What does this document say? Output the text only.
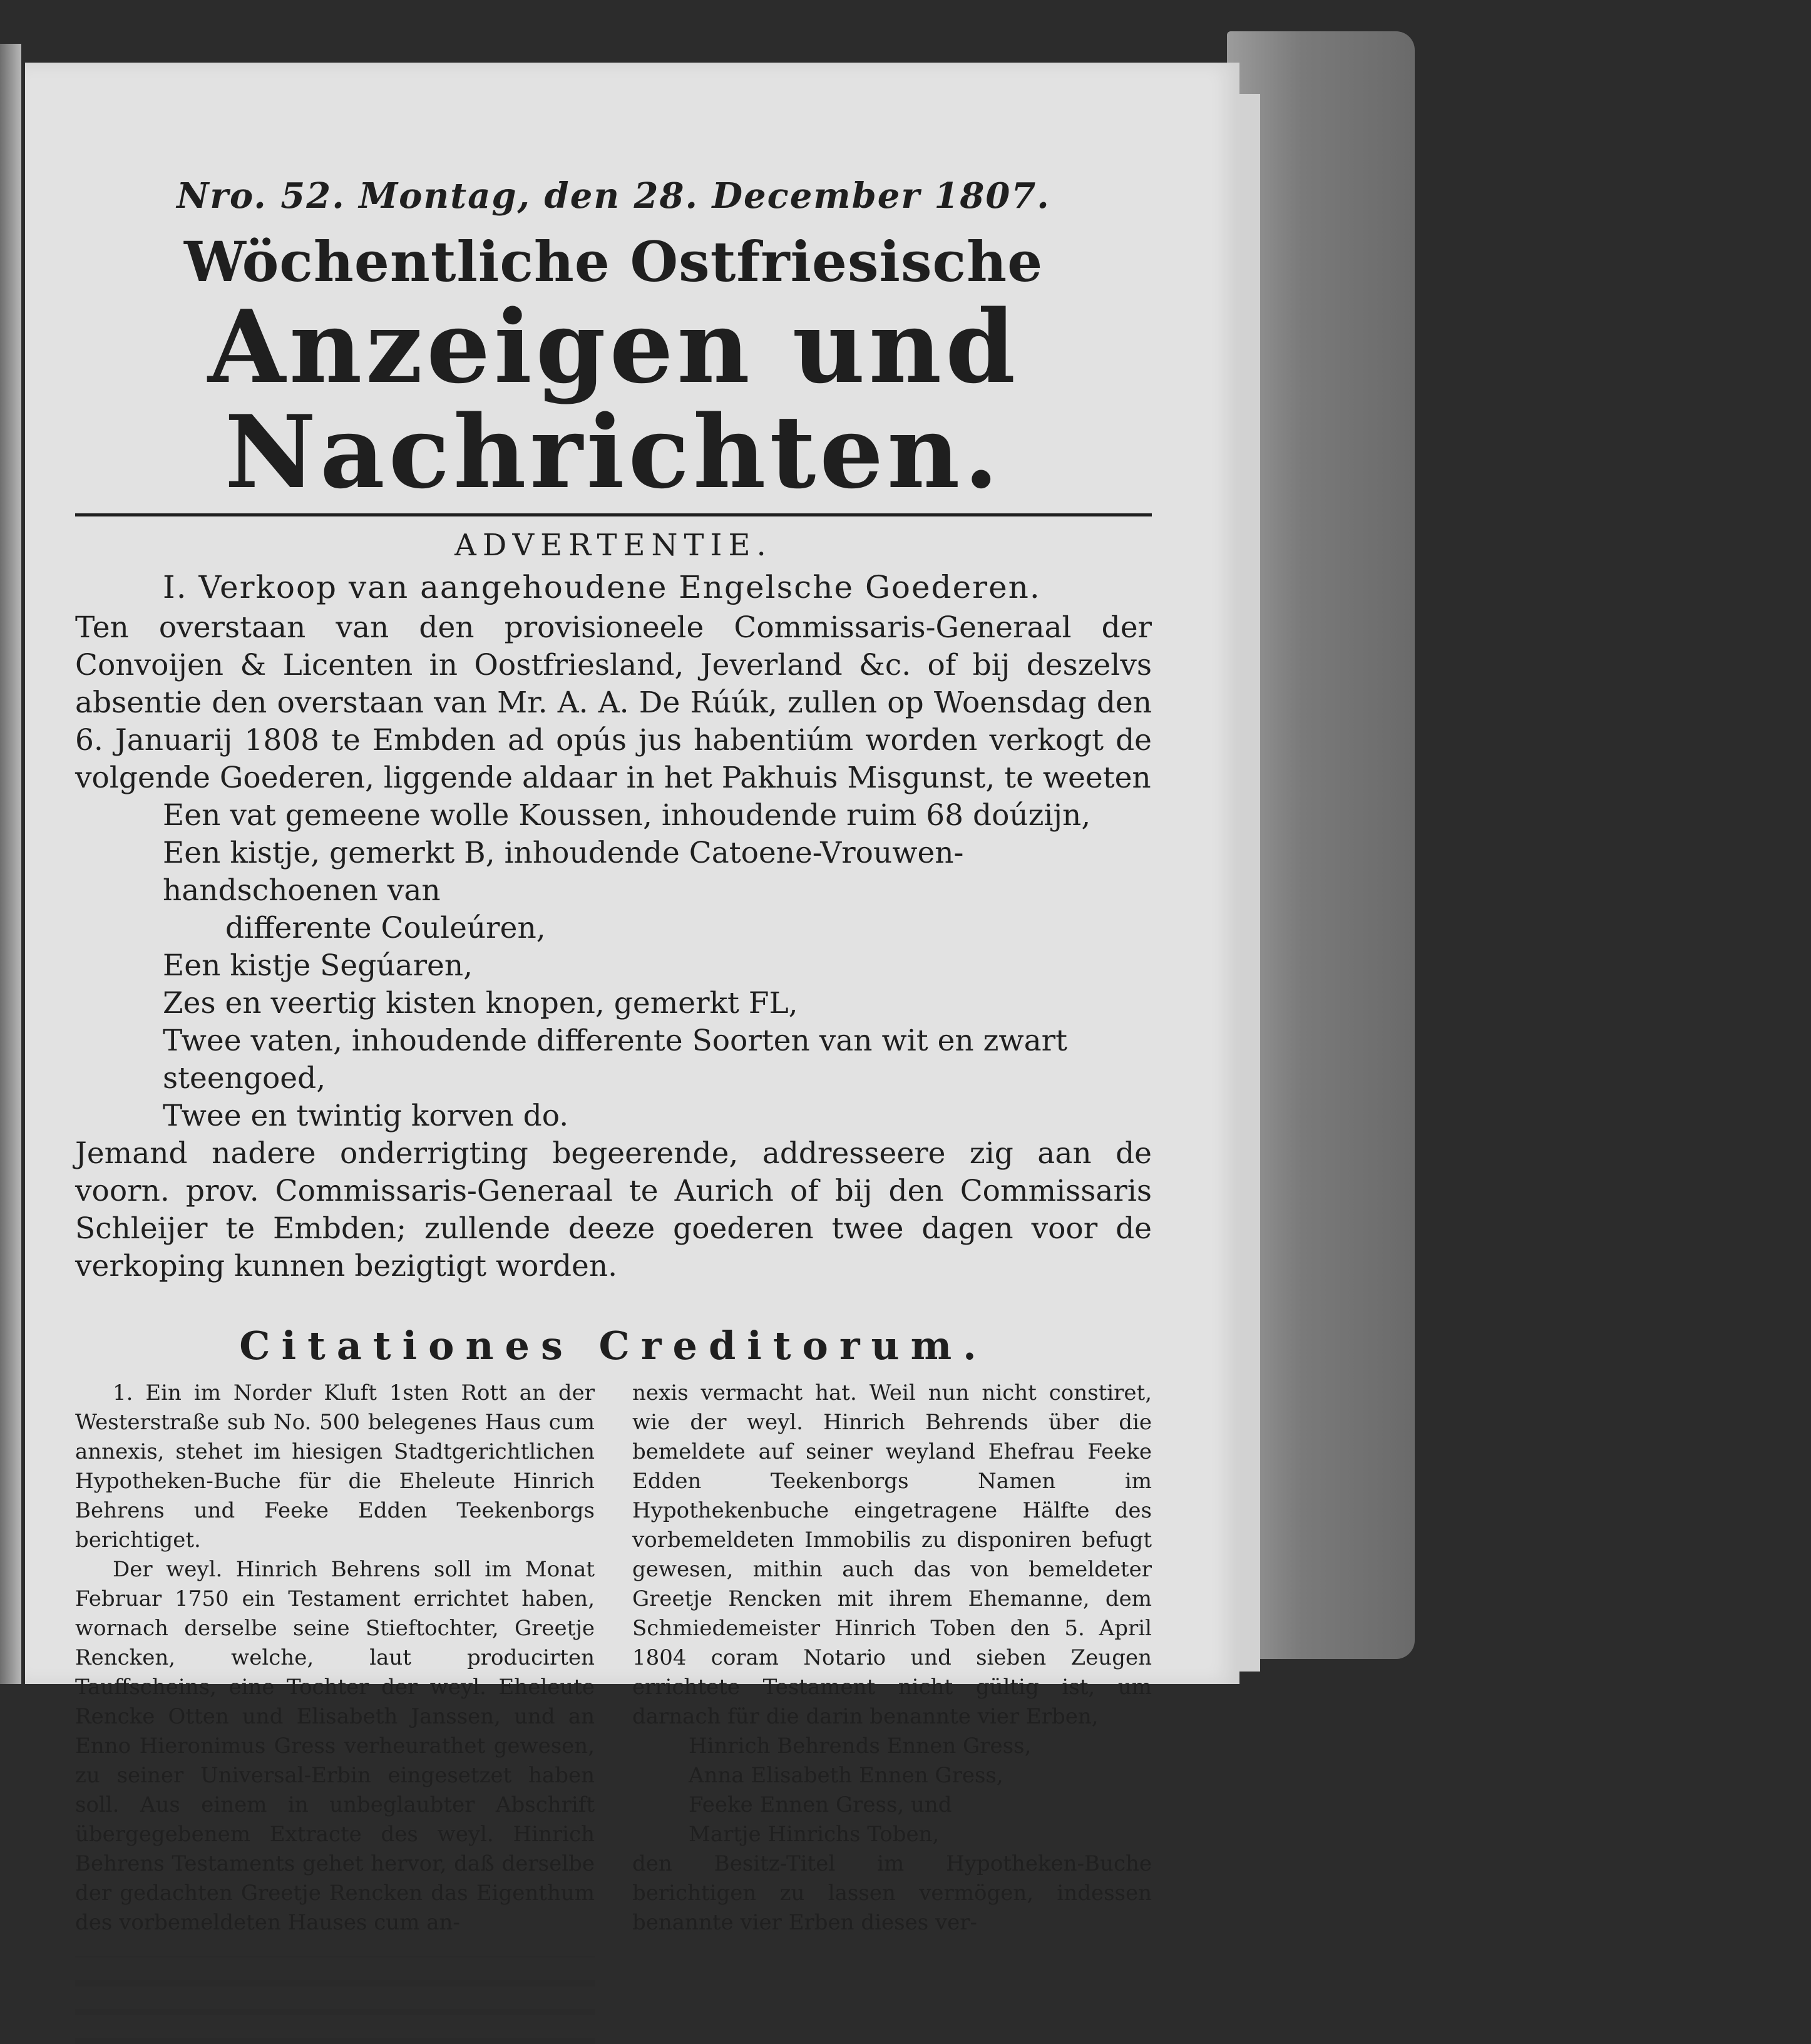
Nro. 52. Montag, den 28. December 1807.

Wöchentliche Ostfriesische

Anzeigen und Nachrichten.

ADVERTENTIE.

I. Verkoop van aangehoudene Engelsche Goederen.

Ten overstaan van den provisioneele Commissaris-Generaal der Convoijen & Licenten in Oostfriesland, Jeverland &c. of bij deszelvs absentie den overstaan van Mr. A. A. De Rúúk, zullen op Woensdag den 6. Januarij 1808 te Embden ad opús jus habentiúm worden verkogt de volgende Goederen, liggende aldaar in het Pakhuis Misgunst, te weeten

Een vat gemeene wolle Koussen, inhoudende ruim 68 doúzijn,
Een kistje, gemerkt B, inhoudende Catoene-Vrouwen-handschoenen van
differente Couleúren,
Een kistje Segúaren,
Zes en veertig kisten knopen, gemerkt FL,
Twee vaten, inhoudende differente Soorten van wit en zwart steengoed,
Twee en twintig korven do.

Jemand nadere onderrigting begeerende, addresseere zig aan de voorn. prov. Commissaris-Generaal te Aurich of bij den Commissaris Schleijer te Embden; zullende deeze goederen twee dagen voor de verkoping kunnen bezigtigt worden.

Citationes Creditorum.

1. Ein im Norder Kluft 1sten Rott an der Westerstraße sub No. 500 belegenes Haus cum annexis, stehet im hiesigen Stadtgerichtlichen Hypotheken-Buche für die Eheleute Hinrich Behrens und Feeke Edden Teekenborgs berichtiget.

Der weyl. Hinrich Behrens soll im Monat Februar 1750 ein Testament errichtet haben, wornach derselbe seine Stieftochter, Greetje Rencken, welche, laut producirten Tauffscheins, eine Tochter der weyl. Eheleute Rencke Otten und Elisabeth Janssen, und an Enno Hieronimus Gress verheurathet gewesen, zu seiner Universal-Erbin eingesetzet haben soll. Aus einem in unbeglaubter Abschrift übergegebenem Extracte des weyl. Hinrich Behrens Testaments gehet hervor, daß derselbe der gedachten Greetje Rencken das Eigenthum des vorbemeldeten Hauses cum an-

nexis vermacht hat. Weil nun nicht constiret, wie der weyl. Hinrich Behrends über die bemeldete auf seiner weyland Ehefrau Feeke Edden Teekenborgs Namen im Hypothekenbuche eingetragene Hälfte des vorbemeldeten Immobilis zu disponiren befugt gewesen, mithin auch das von bemeldeter Greetje Rencken mit ihrem Ehemanne, dem Schmiedemeister Hinrich Toben den 5. April 1804 coram Notario und sieben Zeugen errichtete Testament nicht gültig ist, um darnach für die darin benannte vier Erben,

Hinrich Behrends Ennen Gress,
Anna Elisabeth Ennen Gress,
Feeke Ennen Gress, und
Martje Hinrichs Toben,

den Besitz-Titel im Hypotheken-Buche berichtigen zu lassen vermögen, indessen benannte vier Erben dieses ver-
